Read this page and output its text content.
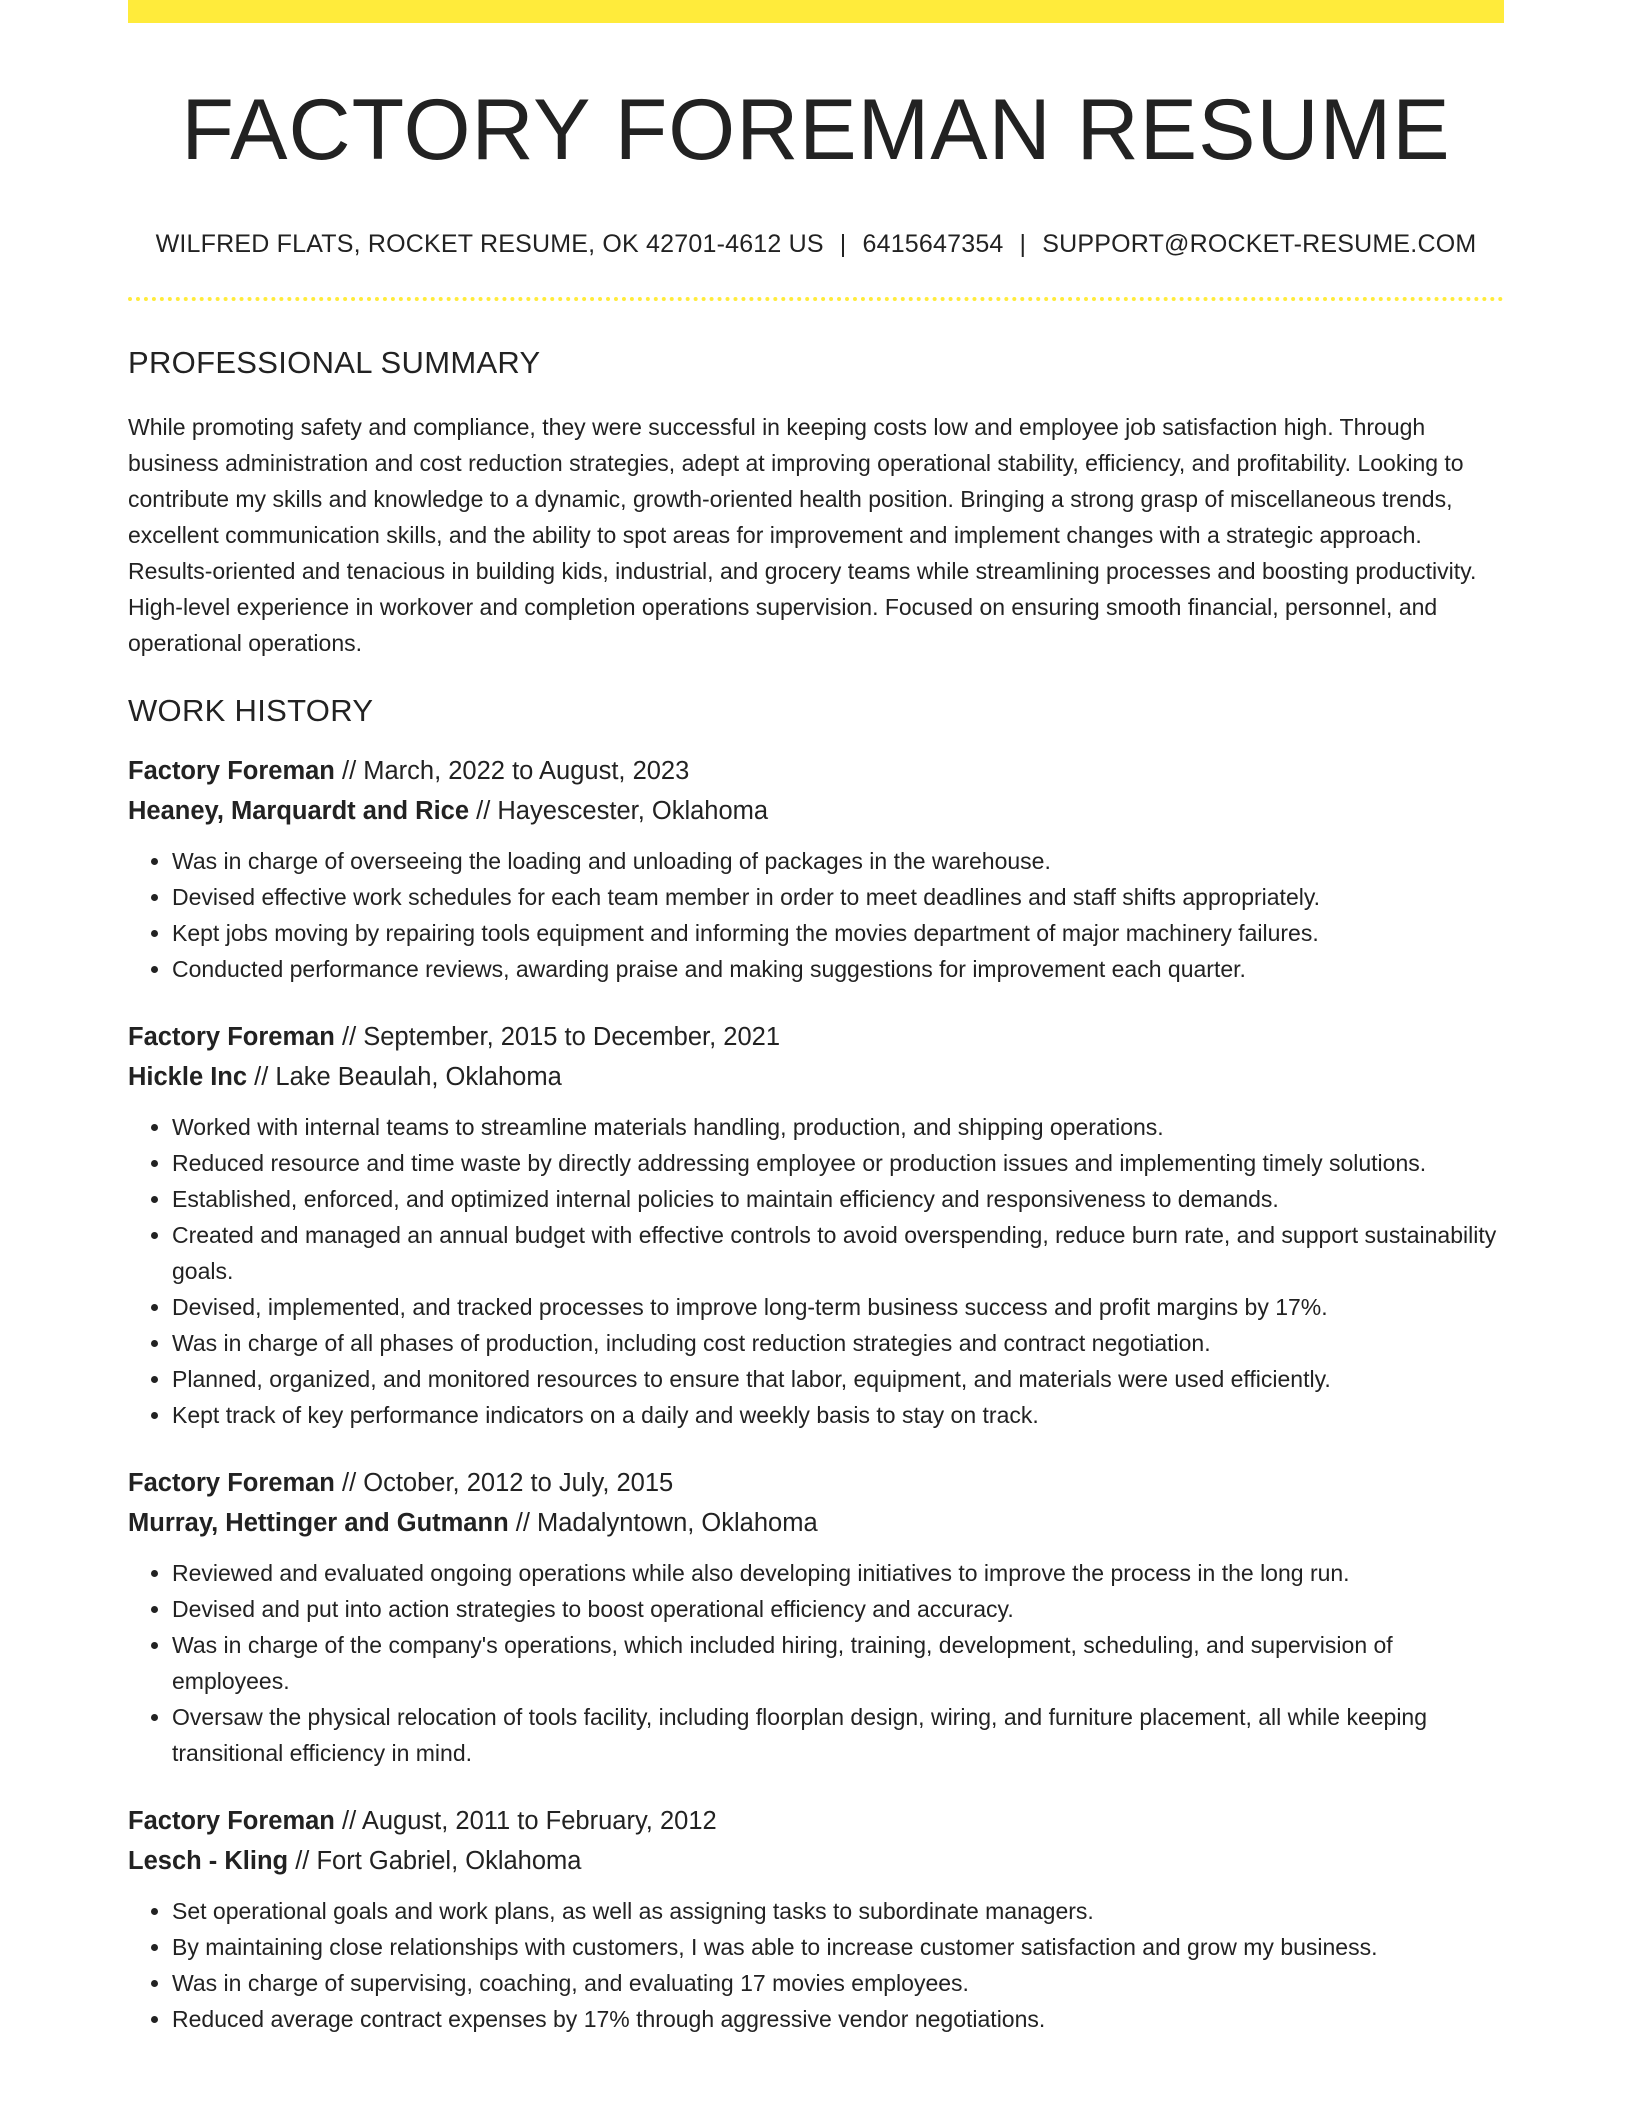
FACTORY FOREMAN RESUME
WILFRED FLATS, ROCKET RESUME, OK 42701-4612 US | 6415647354 | SUPPORT@ROCKET-RESUME.COM
PROFESSIONAL SUMMARY
While promoting safety and compliance, they were successful in keeping costs low and employee job satisfaction high. Through business administration and cost reduction strategies, adept at improving operational stability, efficiency, and profitability. Looking to contribute my skills and knowledge to a dynamic, growth-oriented health position. Bringing a strong grasp of miscellaneous trends, excellent communication skills, and the ability to spot areas for improvement and implement changes with a strategic approach. Results-oriented and tenacious in building kids, industrial, and grocery teams while streamlining processes and boosting productivity. High-level experience in workover and completion operations supervision. Focused on ensuring smooth financial, personnel, and operational operations.
WORK HISTORY
Factory Foreman // March, 2022 to August, 2023
Heaney, Marquardt and Rice // Hayescester, Oklahoma
• Was in charge of overseeing the loading and unloading of packages in the warehouse.
• Devised effective work schedules for each team member in order to meet deadlines and staff shifts appropriately.
• Kept jobs moving by repairing tools equipment and informing the movies department of major machinery failures.
• Conducted performance reviews, awarding praise and making suggestions for improvement each quarter.
Factory Foreman // September, 2015 to December, 2021
Hickle Inc // Lake Beaulah, Oklahoma
• Worked with internal teams to streamline materials handling, production, and shipping operations.
• Reduced resource and time waste by directly addressing employee or production issues and implementing timely solutions.
• Established, enforced, and optimized internal policies to maintain efficiency and responsiveness to demands.
• Created and managed an annual budget with effective controls to avoid overspending, reduce burn rate, and support sustainability goals.
• Devised, implemented, and tracked processes to improve long-term business success and profit margins by 17%.
• Was in charge of all phases of production, including cost reduction strategies and contract negotiation.
• Planned, organized, and monitored resources to ensure that labor, equipment, and materials were used efficiently.
• Kept track of key performance indicators on a daily and weekly basis to stay on track.
Factory Foreman // October, 2012 to July, 2015
Murray, Hettinger and Gutmann // Madalyntown, Oklahoma
• Reviewed and evaluated ongoing operations while also developing initiatives to improve the process in the long run.
• Devised and put into action strategies to boost operational efficiency and accuracy.
• Was in charge of the company's operations, which included hiring, training, development, scheduling, and supervision of employees.
• Oversaw the physical relocation of tools facility, including floorplan design, wiring, and furniture placement, all while keeping transitional efficiency in mind.
Factory Foreman // August, 2011 to February, 2012
Lesch - Kling // Fort Gabriel, Oklahoma
• Set operational goals and work plans, as well as assigning tasks to subordinate managers.
• By maintaining close relationships with customers, I was able to increase customer satisfaction and grow my business.
• Was in charge of supervising, coaching, and evaluating 17 movies employees.
• Reduced average contract expenses by 17% through aggressive vendor negotiations.
